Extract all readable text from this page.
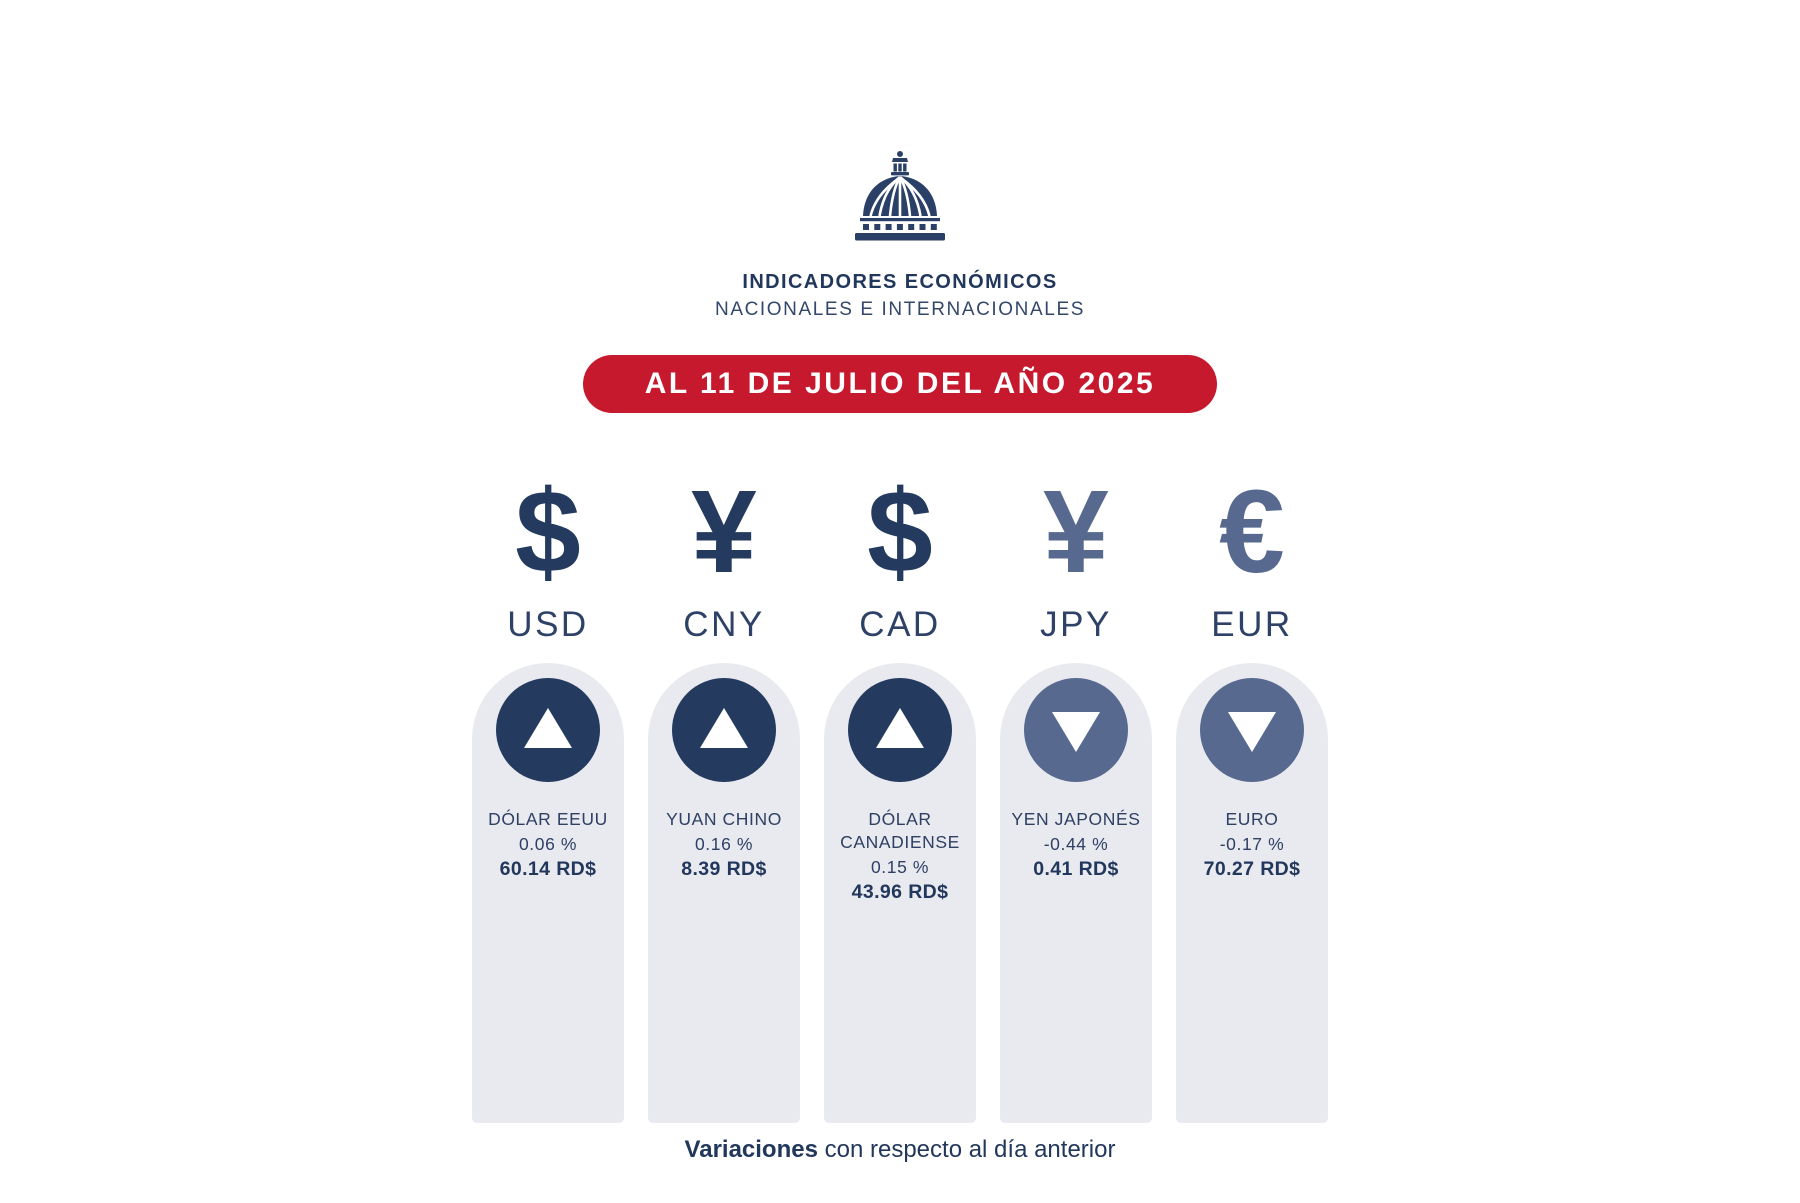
INDICADORES ECONÓMICOS
NACIONALES E INTERNACIONALES
AL 11 DE JULIO DEL AÑO 2025
$
USD
DÓLAR EEUU
0.06 %
60.14 RD$
¥
CNY
YUAN CHINO
0.16 %
8.39 RD$
$
CAD
DÓLAR CANADIENSE
0.15 %
43.96 RD$
¥
JPY
YEN JAPONÉS
-0.44 %
0.41 RD$
€
EUR
EURO
-0.17 %
70.27 RD$
Variaciones con respecto al día anterior
